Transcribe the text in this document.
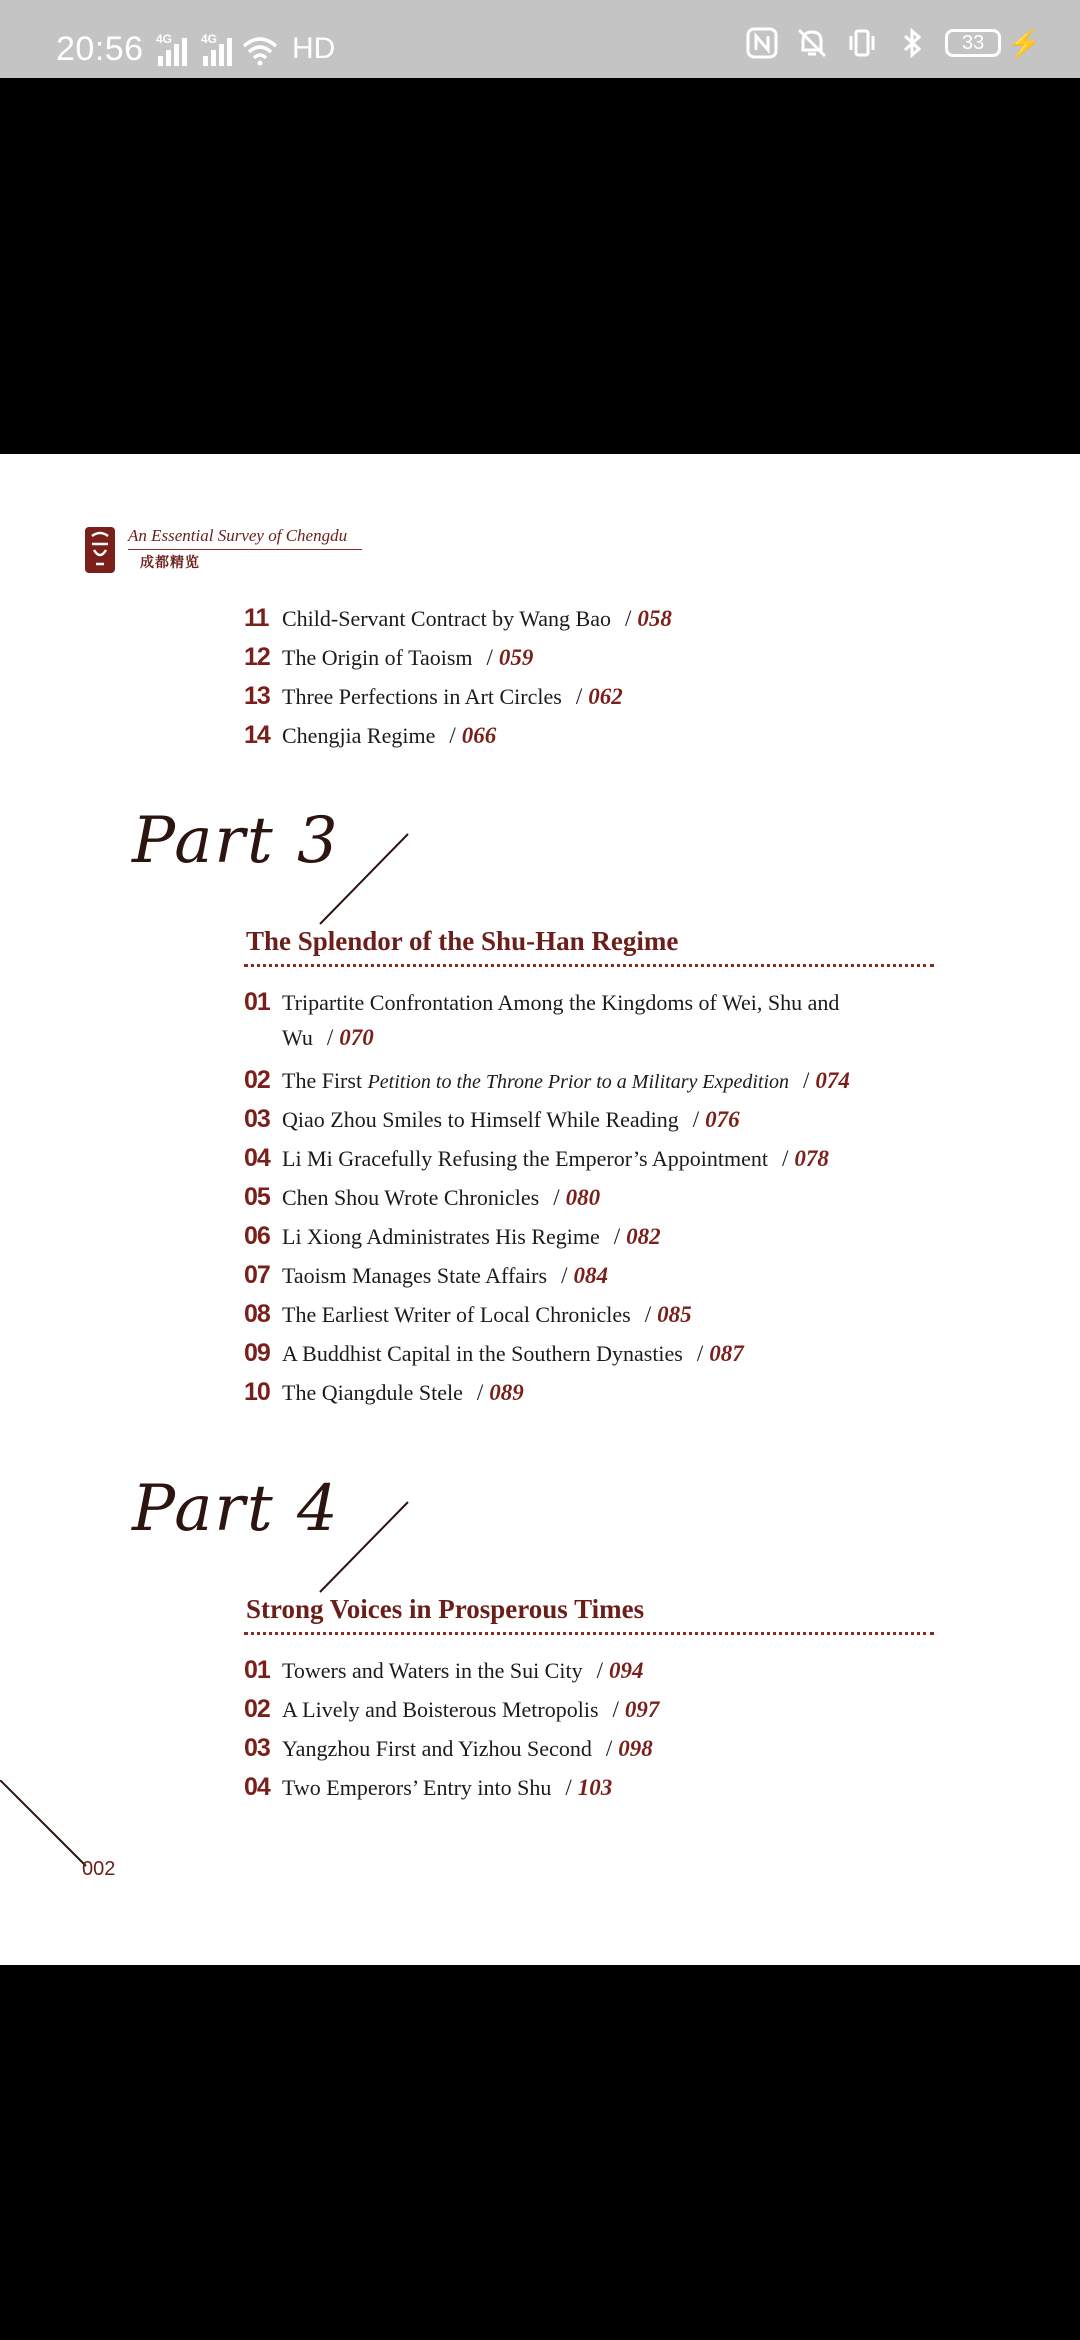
20:56 4G 4G HD	33 ⚡
An Essential Survey of Chengdu
成都精览
11 Child-Servant Contract by Wang Bao / 058
12 The Origin of Taoism / 059
13 Three Perfections in Art Circles / 062
14 Chengjia Regime / 066
Part 3
The Splendor of the Shu-Han Regime
01 Tripartite Confrontation Among the Kingdoms of Wei, Shu and
Wu / 070
02 The First Petition to the Throne Prior to a Military Expedition / 074
03 Qiao Zhou Smiles to Himself While Reading / 076
04 Li Mi Gracefully Refusing the Emperor’s Appointment / 078
05 Chen Shou Wrote Chronicles / 080
06 Li Xiong Administrates His Regime / 082
07 Taoism Manages State Affairs / 084
08 The Earliest Writer of Local Chronicles / 085
09 A Buddhist Capital in the Southern Dynasties / 087
10 The Qiangdule Stele / 089
Part 4
Strong Voices in Prosperous Times
01 Towers and Waters in the Sui City / 094
02 A Lively and Boisterous Metropolis / 097
03 Yangzhou First and Yizhou Second / 098
04 Two Emperors’ Entry into Shu / 103
002
